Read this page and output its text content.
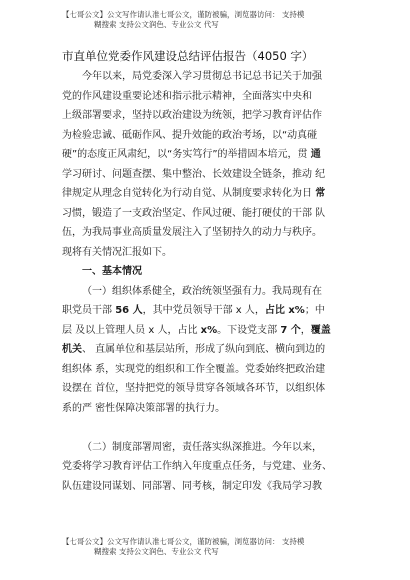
【七哥公文】公文写作请认准七哥公文，谨防被骗，浏览器访问： 支持模
糊搜索 支持公文润色、专业公文 代写
市直单位党委作风建设总结评估报告（4050 字）
今年以来，局党委深入学习贯彻总书记总书记关于加强
党的作风建设重要论述和指示批示精神，全面落实中央和
上级部署要求，坚持以政治建设为统领，把学习教育评估作
为检验忠诚、砥砺作风、提升效能的政治考场，以“动真碰
硬”的态度正风肃纪，以“务实笃行”的举措固本培元，贯 通
学习研讨、问题查摆、集中整治、长效建设全链条，推动 纪
律规定从理念自觉转化为行动自觉、从制度要求转化为日 常
习惯，锻造了一支政治坚定、作风过硬、能打硬仗的干部 队
伍，为我局事业高质量发展注入了坚韧持久的动力与秩序。
现将有关情况汇报如下。
一、基本情况
（一）组织体系健全，政治统领坚强有力。我局现有在
职党员干部 56 人，其中党员领导干部 x 人，占比 x%；中
层 及以上管理人员 x 人，占比 x%。下设党支部 7 个，覆盖
机关、 直属单位和基层站所，形成了纵向到底、横向到边的
组织体 系，实现党的组织和工作全覆盖。党委始终把政治建
设摆在 首位，坚持把党的领导贯穿各领域各环节，以组织体
系的严 密性保障决策部署的执行力。
（二）制度部署周密，责任落实纵深推进。今年以来，
党委将学习教育评估工作纳入年度重点任务，与党建、业务、
队伍建设同谋划、同部署、同考核，制定印发《我局学习教
【七哥公文】公文写作请认准七哥公文，谨防被骗，浏览器访问： 支持模
糊搜索 支持公文润色、专业公文 代写
